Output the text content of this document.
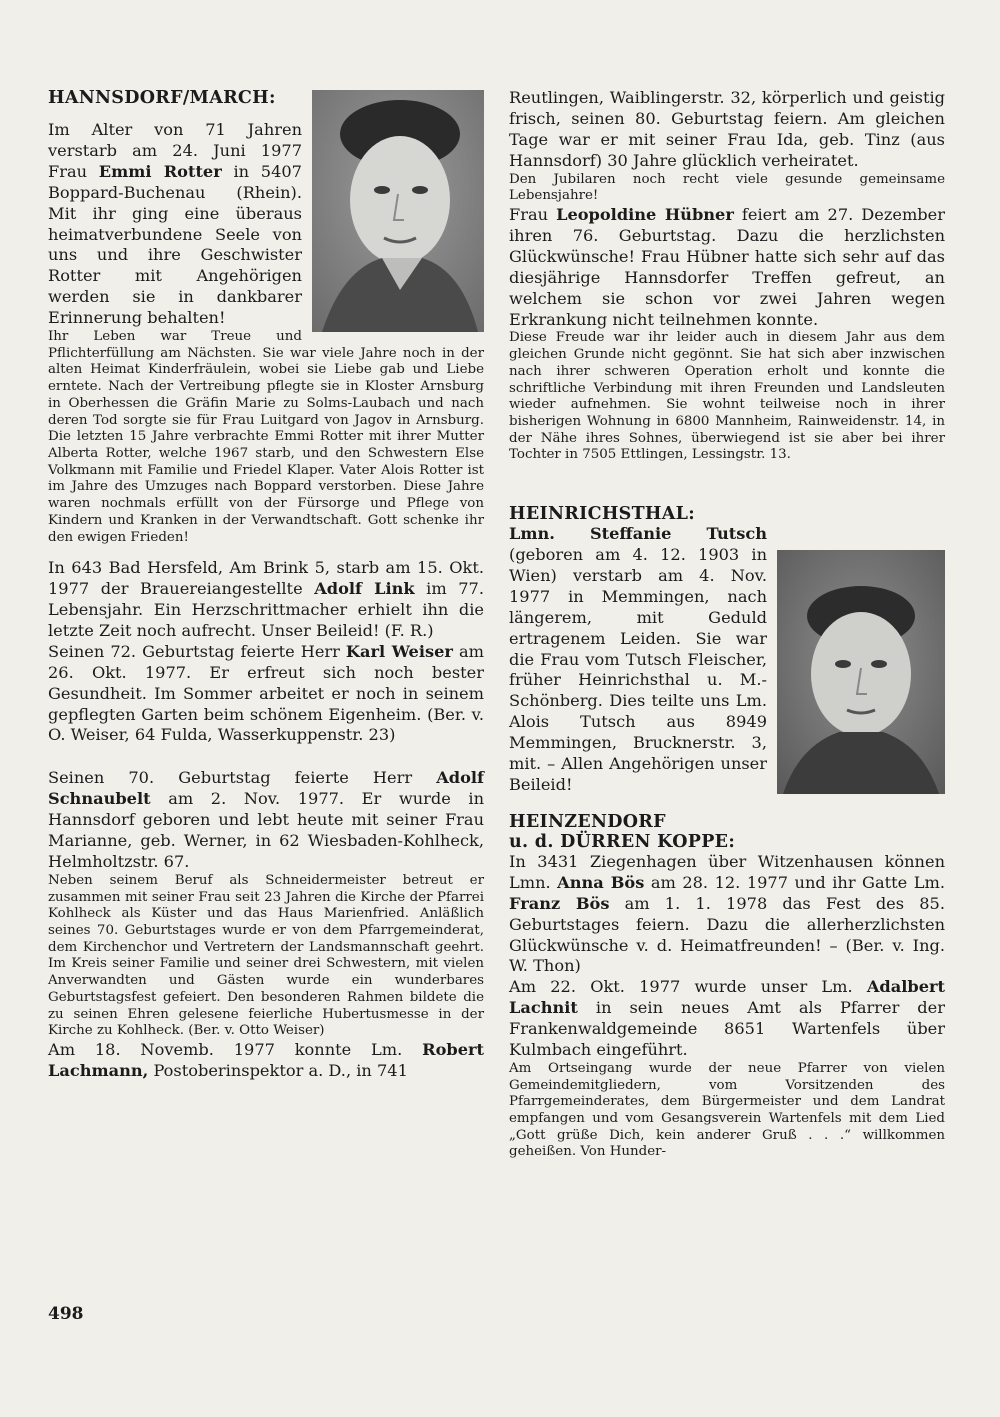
HANNSDORF/MARCH:

Im Alter von 71 Jahren verstarb am 24. Juni 1977 Frau Emmi Rotter in 5407 Boppard-Buchenau (Rhein). Mit ihr ging eine überaus heimatverbundene Seele von uns und ihre Geschwister Rotter mit Angehörigen werden sie in dankbarer Erinnerung behalten!

Ihr Leben war Treue und Pflichterfüllung am Nächsten. Sie war viele Jahre noch in der alten Heimat Kinderfräulein, wobei sie Liebe gab und Liebe erntete. Nach der Vertreibung pflegte sie in Kloster Arnsburg in Oberhessen die Gräfin Marie zu Solms-Laubach und nach deren Tod sorgte sie für Frau Luitgard von Jagov in Arnsburg. Die letzten 15 Jahre verbrachte Emmi Rotter mit ihrer Mutter Alberta Rotter, welche 1967 starb, und den Schwestern Else Volkmann mit Familie und Friedel Klaper. Vater Alois Rotter ist im Jahre des Umzuges nach Boppard verstorben. Diese Jahre waren nochmals erfüllt von der Fürsorge und Pflege von Kindern und Kranken in der Verwandtschaft. Gott schenke ihr den ewigen Frieden!

In 643 Bad Hersfeld, Am Brink 5, starb am 15. Okt. 1977 der Brauereiangestellte Adolf Link im 77. Lebensjahr. Ein Herzschrittmacher erhielt ihn die letzte Zeit noch aufrecht. Unser Beileid! (F. R.)

Seinen 72. Geburtstag feierte Herr Karl Weiser am 26. Okt. 1977. Er erfreut sich noch bester Gesundheit. Im Sommer arbeitet er noch in seinem gepflegten Garten beim schönem Eigenheim. (Ber. v. O. Weiser, 64 Fulda, Wasserkuppenstr. 23)

Seinen 70. Geburtstag feierte Herr Adolf Schnaubelt am 2. Nov. 1977. Er wurde in Hannsdorf geboren und lebt heute mit seiner Frau Marianne, geb. Werner, in 62 Wiesbaden-Kohlheck, Helmholtzstr. 67.

Neben seinem Beruf als Schneidermeister betreut er zusammen mit seiner Frau seit 23 Jahren die Kirche der Pfarrei Kohlheck als Küster und das Haus Marienfried. Anläßlich seines 70. Geburtstages wurde er von dem Pfarrgemeinderat, dem Kirchenchor und Vertretern der Landsmannschaft geehrt. Im Kreis seiner Familie und seiner drei Schwestern, mit vielen Anverwandten und Gästen wurde ein wunderbares Geburtstagsfest gefeiert. Den besonderen Rahmen bildete die zu seinen Ehren gelesene feierliche Hubertusmesse in der Kirche zu Kohlheck. (Ber. v. Otto Weiser)

Am 18. Novemb. 1977 konnte Lm. Robert Lachmann, Postoberinspektor a. D., in 741

Reutlingen, Waiblingerstr. 32, körperlich und geistig frisch, seinen 80. Geburtstag feiern. Am gleichen Tage war er mit seiner Frau Ida, geb. Tinz (aus Hannsdorf) 30 Jahre glücklich verheiratet.

Den Jubilaren noch recht viele gesunde gemeinsame Lebensjahre!

Frau Leopoldine Hübner feiert am 27. Dezember ihren 76. Geburtstag. Dazu die herzlichsten Glückwünsche! Frau Hübner hatte sich sehr auf das diesjährige Hannsdorfer Treffen gefreut, an welchem sie schon vor zwei Jahren wegen Erkrankung nicht teilnehmen konnte.

Diese Freude war ihr leider auch in diesem Jahr aus dem gleichen Grunde nicht gegönnt. Sie hat sich aber inzwischen nach ihrer schweren Operation erholt und konnte die schriftliche Verbindung mit ihren Freunden und Landsleuten wieder aufnehmen. Sie wohnt teilweise noch in ihrer bisherigen Wohnung in 6800 Mannheim, Rainweidenstr. 14, in der Nähe ihres Sohnes, überwiegend ist sie aber bei ihrer Tochter in 7505 Ettlingen, Lessingstr. 13.

HEINRICHSTHAL:

Lmn. Steffanie Tutsch (geboren am 4. 12. 1903 in Wien) verstarb am 4. Nov. 1977 in Memmingen, nach längerem, mit Geduld ertragenem Leiden. Sie war die Frau vom Tutsch Fleischer, früher Heinrichsthal u. M.-Schönberg. Dies teilte uns Lm. Alois Tutsch aus 8949 Memmingen, Brucknerstr. 3, mit. – Allen Angehörigen unser Beileid!

HEINZENDORF
u. d. DÜRREN KOPPE:

In 3431 Ziegenhagen über Witzenhausen können Lmn. Anna Bös am 28. 12. 1977 und ihr Gatte Lm. Franz Bös am 1. 1. 1978 das Fest des 85. Geburtstages feiern. Dazu die allerherzlichsten Glückwünsche v. d. Heimatfreunden! – (Ber. v. Ing. W. Thon)

Am 22. Okt. 1977 wurde unser Lm. Adalbert Lachnit in sein neues Amt als Pfarrer der Frankenwaldgemeinde 8651 Wartenfels über Kulmbach eingeführt.

Am Ortseingang wurde der neue Pfarrer von vielen Gemeindemitgliedern, vom Vorsitzenden des Pfarrgemeinderates, dem Bürgermeister und dem Landrat empfangen und vom Gesangsverein Wartenfels mit dem Lied „Gott grüße Dich, kein anderer Gruß . . .“ willkommen geheißen. Von Hunder-

498
